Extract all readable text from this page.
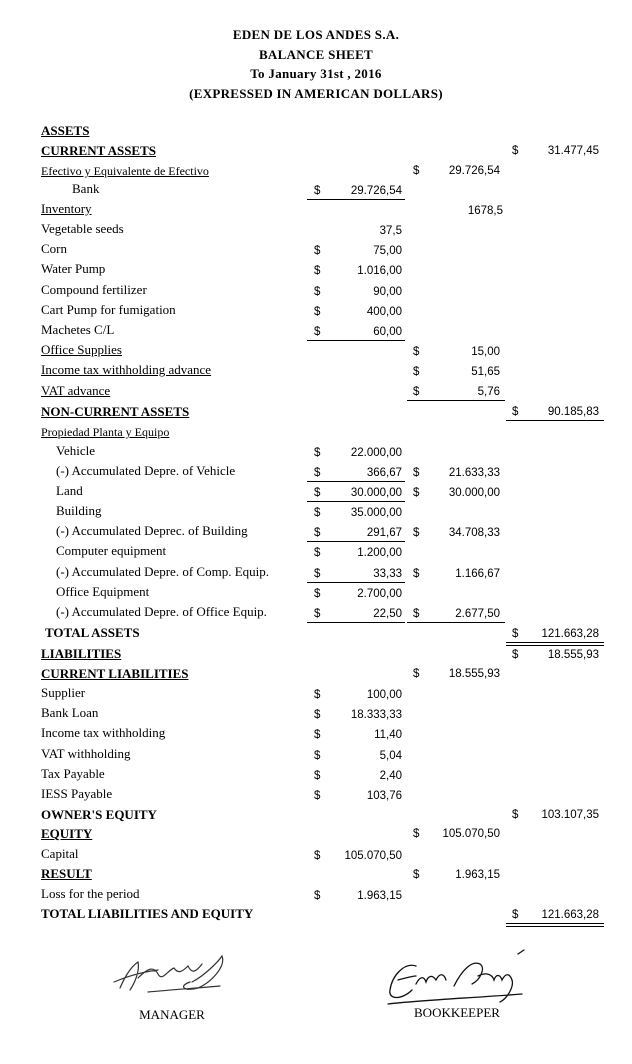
EDEN DE LOS ANDES S.A.
BALANCE SHEET
To January 31st , 2016
(EXPRESSED IN AMERICAN DOLLARS)
ASSETS
CURRENT ASSETS	$	31.477,45
Efectivo y Equivalente de Efectivo	$	29.726,54
Bank	$	29.726,54
Inventory	1678,5
Vegetable seeds	37,5
Corn	$	75,00
Water Pump	$	1.016,00
Compound fertilizer	$	90,00
Cart Pump for fumigation	$	400,00
Machetes C/L	$	60,00
Office Supplies	$	15,00
Income tax withholding advance	$	51,65
VAT advance	$	5,76
NON-CURRENT ASSETS	$	90.185,83
Propiedad Planta y Equipo
Vehicle	$	22.000,00
(-) Accumulated Depre. of Vehicle	$	366,67 $	21.633,33
Land	$	30.000,00 $	30.000,00
Building	$	35.000,00
(-) Accumulated Deprec. of Building	$	291,67 $	34.708,33
Computer equipment	$	1.200,00
(-) Accumulated Depre. of Comp. Equip.	$	33,33 $	1.166,67
Office Equipment	$	2.700,00
(-) Accumulated Depre. of Office Equip.	$	22,50 $	2.677,50
TOTAL ASSETS	$	121.663,28
LIABILITIES	$	18.555,93
CURRENT LIABILITIES	$	18.555,93
Supplier	$	100,00
Bank Loan	$	18.333,33
Income tax withholding	$	11,40
VAT withholding	$	5,04
Tax Payable	$	2,40
IESS Payable	$	103,76
OWNER'S EQUITY	$	103.107,35
EQUITY	$	105.070,50
Capital	$	105.070,50
RESULT	$	1.963,15
Loss for the period	$	1.963,15
TOTAL LIABILITIES AND EQUITY	$	121.663,28
MANAGER	BOOKKEEPER
